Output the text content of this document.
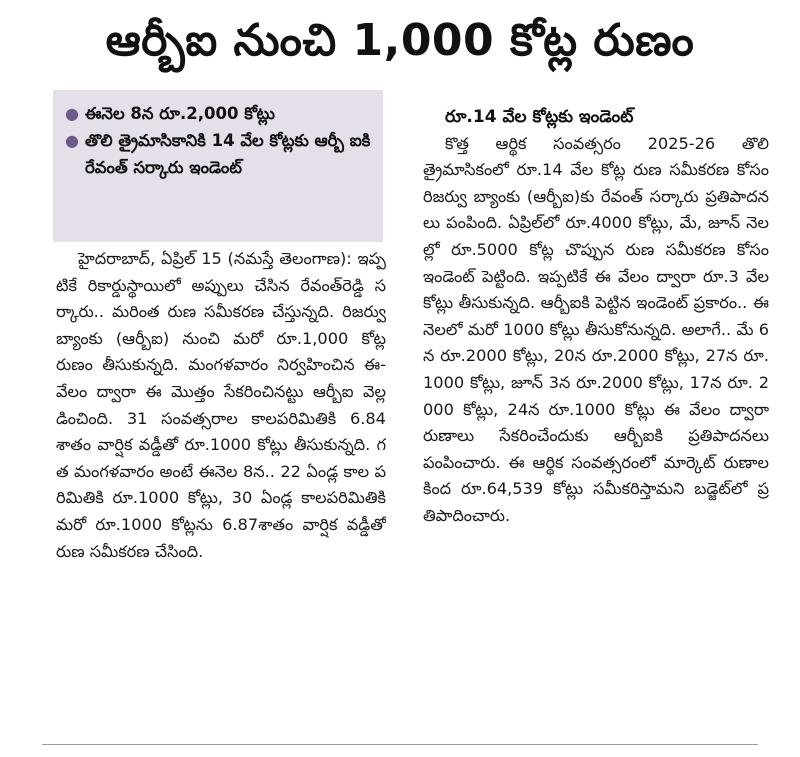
ఆర్బీఐ నుంచి 1,000 కోట్ల రుణం
● ఈనెల 8న రూ.2,000 కోట్లు
● తొలి త్రైమాసికానికి 14 వేల కోట్లకు ఆర్బీ ఐకి రేవంత్ సర్కారు ఇండెంట్

హైదరాబాద్, ఏప్రిల్ 15 (నమస్తే తెలంగాణ): ఇప్పటికే రికార్డుస్థాయిలో అప్పులు చేసిన రేవంత్‌రెడ్డి సర్కారు.. మరింత రుణ సమీకరణ చేస్తున్నది. రిజర్వు బ్యాంకు (ఆర్బీఐ) నుంచి మరో రూ.1,000 కోట్ల రుణం తీసుకున్నది. మంగళవారం నిర్వహించిన ఈ- వేలం ద్వారా ఈ మొత్తం సేకరించినట్టు ఆర్బీఐ వెల్లడించింది. 31 సంవత్సరాల కాలపరిమితికి 6.84శాతం వార్షిక వడ్డీతో రూ.1000 కోట్లు తీసుకున్నది. గత మంగళవారం అంటే ఈనెల 8న.. 22 ఏండ్ల కాల పరిమితికి రూ.1000 కోట్లు, 30 ఏండ్ల కాలపరిమితికి మరో రూ.1000 కోట్లను 6.87శాతం వార్షిక వడ్డీతో రుణ సమీకరణ చేసింది.

రూ.14 వేల కోట్లకు ఇండెంట్

కొత్త ఆర్థిక సంవత్సరం 2025-26 తొలి త్రైమాసికంలో రూ.14 వేల కోట్ల రుణ సమీకరణ కోసం రిజర్వు బ్యాంకు (ఆర్బీఐ)కు రేవంత్ సర్కారు ప్రతిపాదనలు పంపింది. ఏప్రిల్‌లో రూ.4000 కోట్లు, మే, జూన్ నెలల్లో రూ.5000 కోట్ల చొప్పున రుణ సమీకరణ కోసం ఇండెంట్ పెట్టింది. ఇప్పటికే ఈ వేలం ద్వారా రూ.3 వేల కోట్లు తీసుకున్నది. ఆర్బీఐకి పెట్టిన ఇండెంట్ ప్రకారం.. ఈ నెలలో మరో 1000 కోట్లు తీసుకోనున్నది. అలాగే.. మే 6న రూ.2000 కోట్లు, 20న రూ.2000 కోట్లు, 27న రూ.1000 కోట్లు, జూన్ 3న రూ.2000 కోట్లు, 17న రూ. 2000 కోట్లు, 24న రూ.1000 కోట్లు ఈ వేలం ద్వారా రుణాలు సేకరించేందుకు ఆర్బీఐకి ప్రతిపాదనలు పంపించారు. ఈ ఆర్థిక సంవత్సరంలో మార్కెట్ రుణాల కింద రూ.64,539 కోట్లు సమీకరిస్తామని బడ్జెట్‌లో ప్రతిపాదించారు.
